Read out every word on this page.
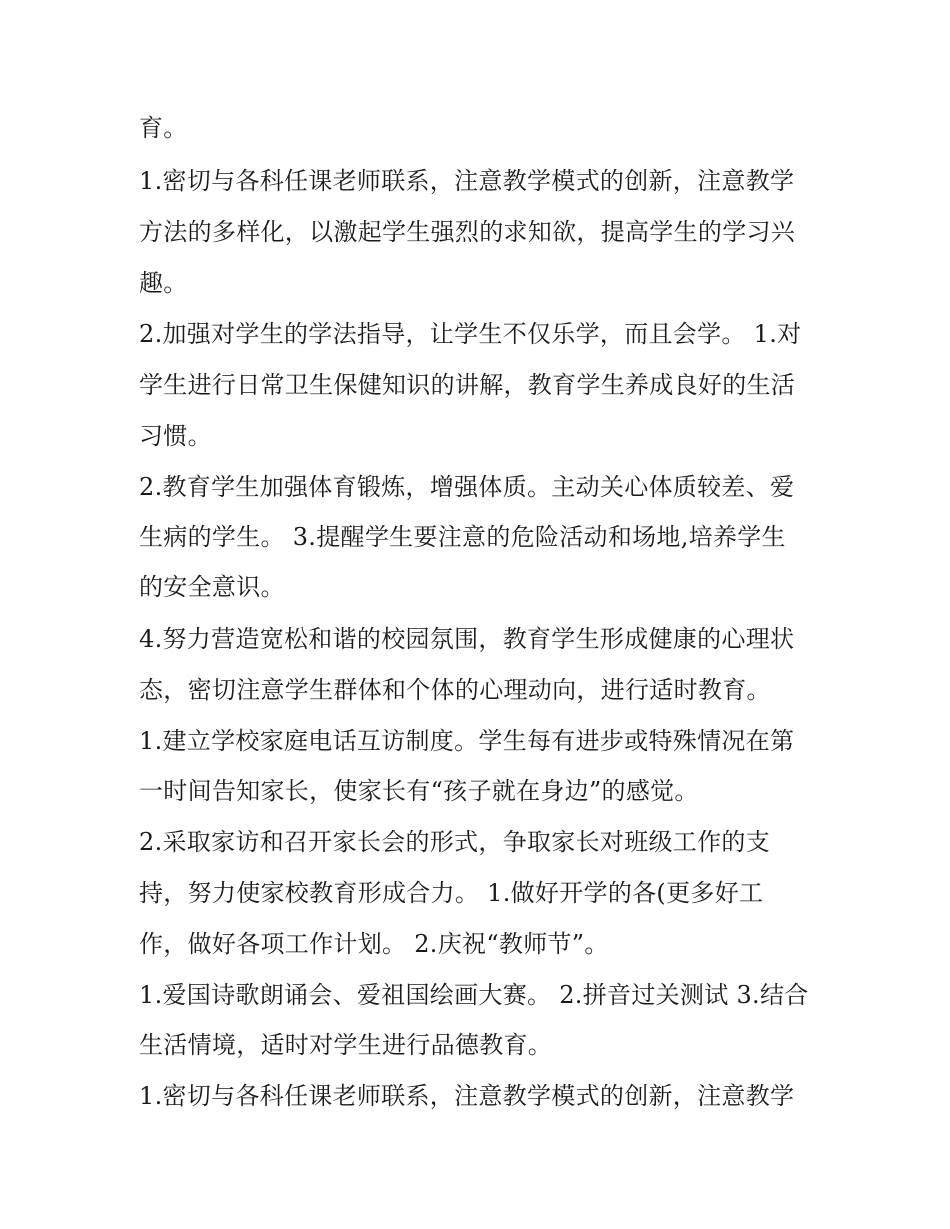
育。
1.密切与各科任课老师联系，注意教学模式的创新，注意教学
方法的多样化，以激起学生强烈的求知欲，提高学生的学习兴
趣。
2.加强对学生的学法指导，让学生不仅乐学，而且会学。 1.对
学生进行日常卫生保健知识的讲解，教育学生养成良好的生活
习惯。
2.教育学生加强体育锻炼，增强体质。主动关心体质较差、爱
生病的学生。 3.提醒学生要注意的危险活动和场地,培养学生
的安全意识。
4.努力营造宽松和谐的校园氛围，教育学生形成健康的心理状
态，密切注意学生群体和个体的心理动向，进行适时教育。
1.建立学校家庭电话互访制度。学生每有进步或特殊情况在第
一时间告知家长，使家长有“孩子就在身边”的感觉。
2.采取家访和召开家长会的形式，争取家长对班级工作的支
持，努力使家校教育形成合力。 1.做好开学的各(更多好工
作，做好各项工作计划。 2.庆祝“教师节”。
1.爱国诗歌朗诵会、爱祖国绘画大赛。 2.拼音过关测试 3.结合
生活情境，适时对学生进行品德教育。
1.密切与各科任课老师联系，注意教学模式的创新，注意教学
